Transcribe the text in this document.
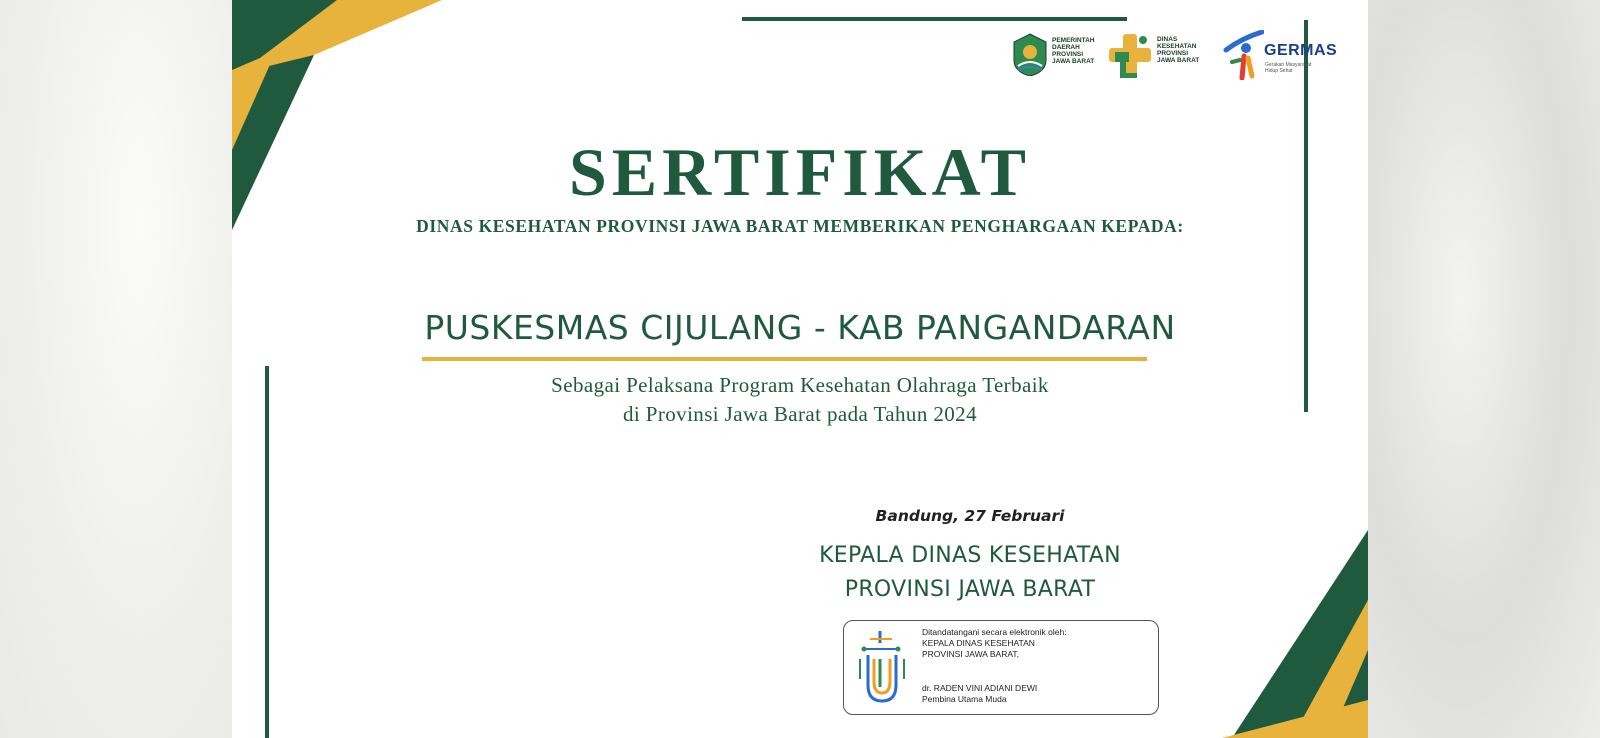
PEMERINTAH
DAERAH
PROVINSI
JAWA BARAT
DINAS
KESEHATAN
PROVINSI
JAWA BARAT
GERMAS
Gerakan Masyarakat
Hidup Sehat
SERTIFIKAT
DINAS KESEHATAN PROVINSI JAWA BARAT MEMBERIKAN PENGHARGAAN KEPADA:
PUSKESMAS CIJULANG - KAB PANGANDARAN
Sebagai Pelaksana Program Kesehatan Olahraga Terbaik
di Provinsi Jawa Barat pada Tahun 2024
Bandung, 27 Februari
KEPALA DINAS KESEHATAN
PROVINSI JAWA BARAT
Ditandatangani secara elektronik oleh:
KEPALA DINAS KESEHATAN
PROVINSI JAWA BARAT,
dr. RADEN VINI ADIANI DEWI
Pembina Utama Muda
